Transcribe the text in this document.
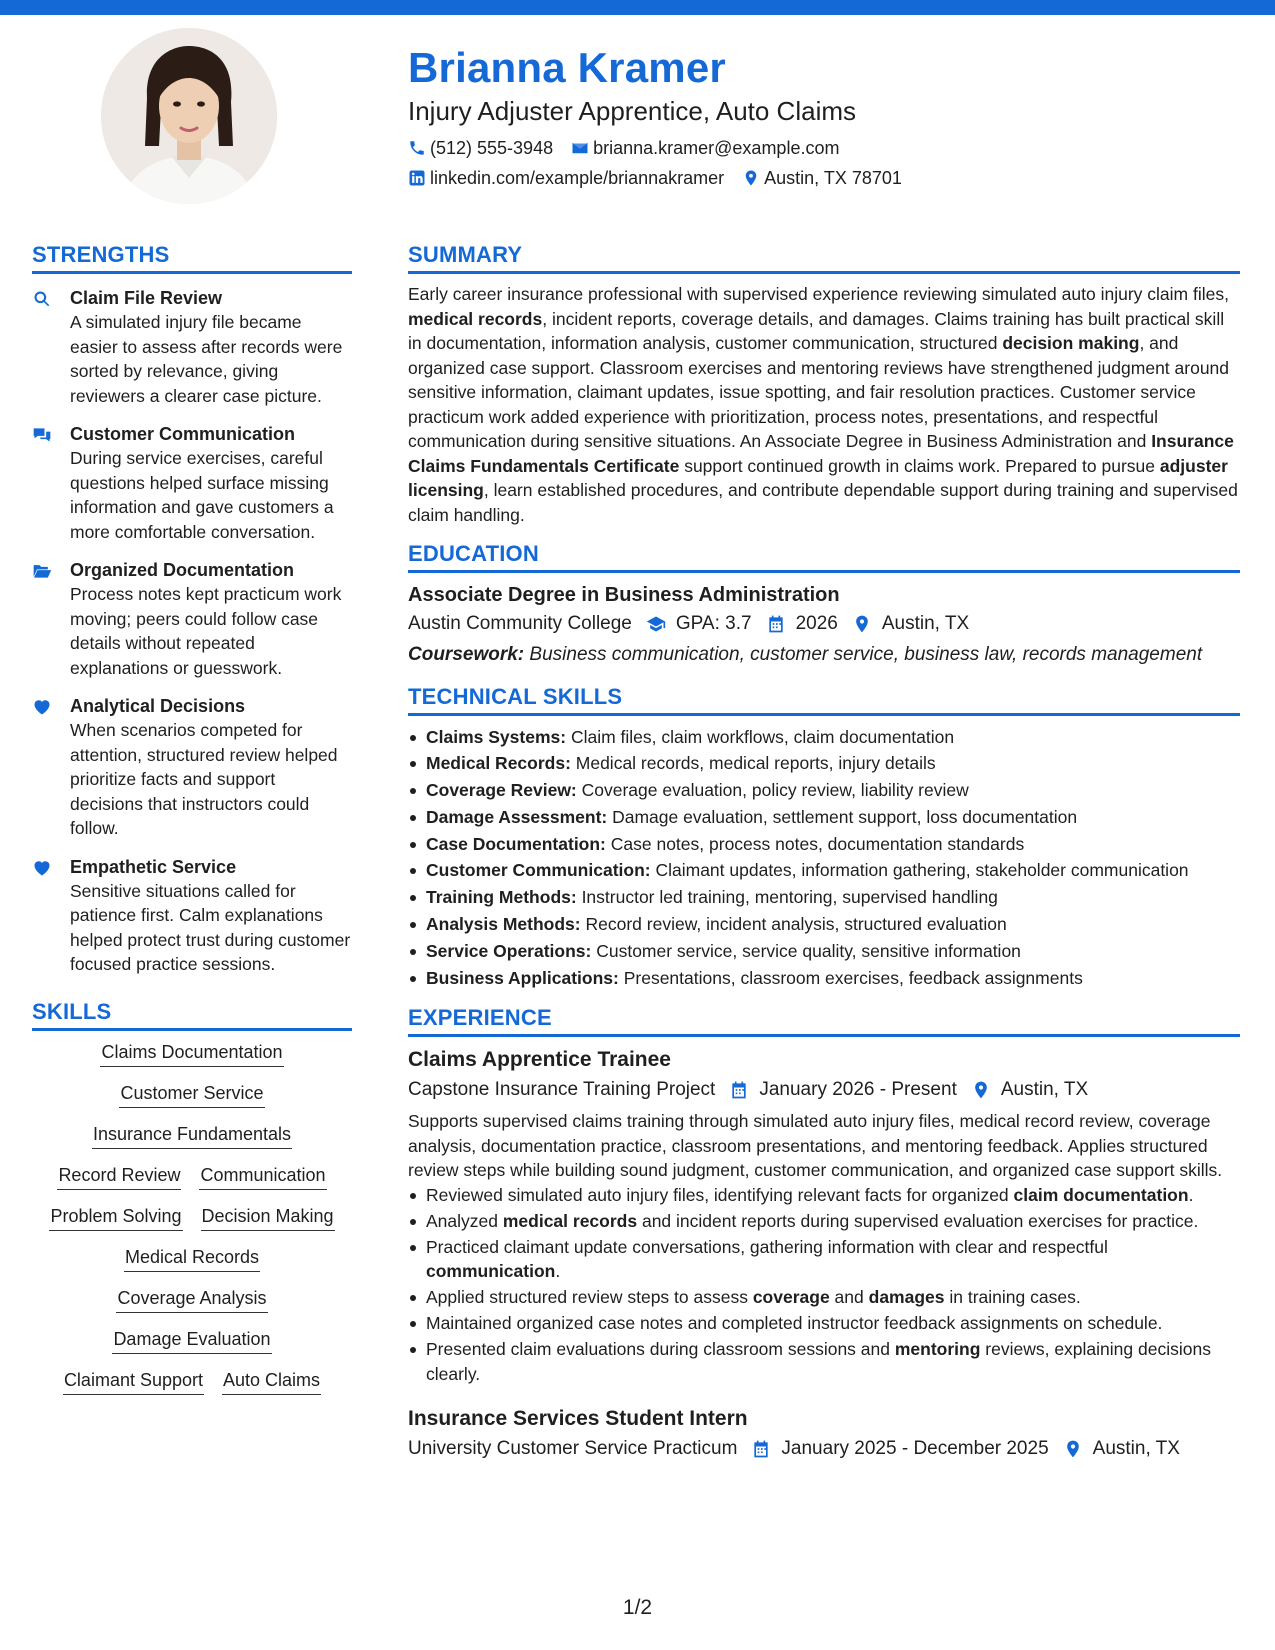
Brianna Kramer
Injury Adjuster Apprentice, Auto Claims
(512) 555-3948 brianna.kramer@example.com
linkedin.com/example/briannakramer Austin, TX 78701
STRENGTHS
Claim File Review
A simulated injury file became easier to assess after records were sorted by relevance, giving reviewers a clearer case picture.
Customer Communication
During service exercises, careful questions helped surface missing information and gave customers a more comfortable conversation.
Organized Documentation
Process notes kept practicum work moving; peers could follow case details without repeated explanations or guesswork.
Analytical Decisions
When scenarios competed for attention, structured review helped prioritize facts and support decisions that instructors could follow.
Empathetic Service
Sensitive situations called for patience first. Calm explanations helped protect trust during customer focused practice sessions.
SKILLS
Claims Documentation
Customer Service
Insurance Fundamentals
Record Review Communication
Problem Solving Decision Making
Medical Records
Coverage Analysis
Damage Evaluation
Claimant Support Auto Claims
SUMMARY
Early career insurance professional with supervised experience reviewing simulated auto injury claim files, medical records, incident reports, coverage details, and damages. Claims training has built practical skill in documentation, information analysis, customer communication, structured decision making, and organized case support. Classroom exercises and mentoring reviews have strengthened judgment around sensitive information, claimant updates, issue spotting, and fair resolution practices. Customer service practicum work added experience with prioritization, process notes, presentations, and respectful communication during sensitive situations. An Associate Degree in Business Administration and Insurance Claims Fundamentals Certificate support continued growth in claims work. Prepared to pursue adjuster licensing, learn established procedures, and contribute dependable support during training and supervised claim handling.
EDUCATION
Associate Degree in Business Administration
Austin Community College GPA: 3.7 2026 Austin, TX
Coursework: Business communication, customer service, business law, records management
TECHNICAL SKILLS
Claims Systems: Claim files, claim workflows, claim documentation
Medical Records: Medical records, medical reports, injury details
Coverage Review: Coverage evaluation, policy review, liability review
Damage Assessment: Damage evaluation, settlement support, loss documentation
Case Documentation: Case notes, process notes, documentation standards
Customer Communication: Claimant updates, information gathering, stakeholder communication
Training Methods: Instructor led training, mentoring, supervised handling
Analysis Methods: Record review, incident analysis, structured evaluation
Service Operations: Customer service, service quality, sensitive information
Business Applications: Presentations, classroom exercises, feedback assignments
EXPERIENCE
Claims Apprentice Trainee
Capstone Insurance Training Project January 2026 - Present Austin, TX
Supports supervised claims training through simulated auto injury files, medical record review, coverage analysis, documentation practice, classroom presentations, and mentoring feedback. Applies structured review steps while building sound judgment, customer communication, and organized case support skills.
Reviewed simulated auto injury files, identifying relevant facts for organized claim documentation.
Analyzed medical records and incident reports during supervised evaluation exercises for practice.
Practiced claimant update conversations, gathering information with clear and respectful communication.
Applied structured review steps to assess coverage and damages in training cases.
Maintained organized case notes and completed instructor feedback assignments on schedule.
Presented claim evaluations during classroom sessions and mentoring reviews, explaining decisions clearly.
Insurance Services Student Intern
University Customer Service Practicum January 2025 - December 2025 Austin, TX
1/2
